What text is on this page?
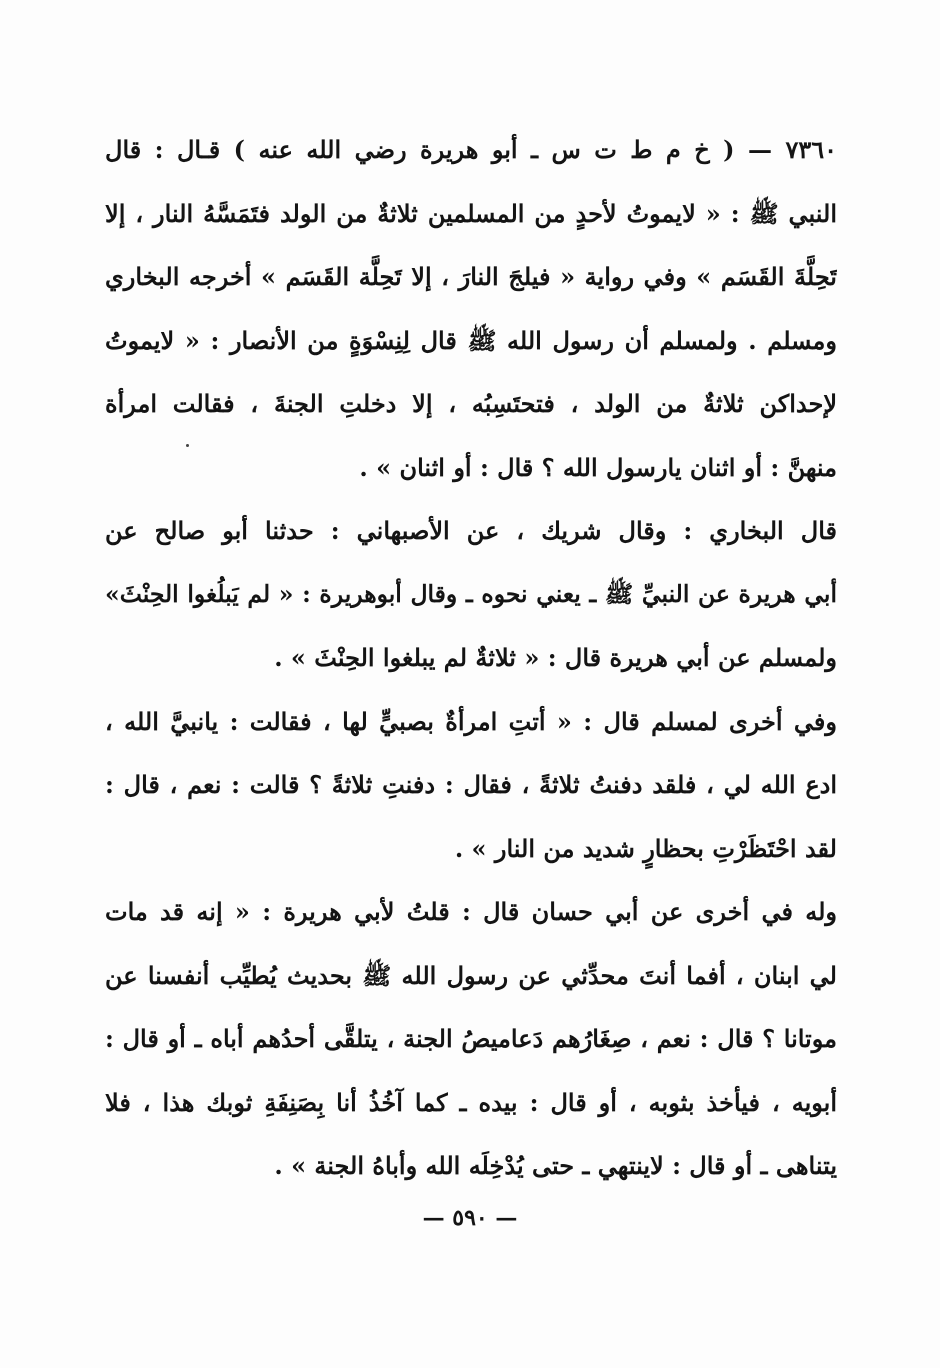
٧٣٦٠ — ( خ م ط ت س ـ أبو هريرة رضي الله عنه ) قـال : قال
النبي ﷺ : « لايموتُ لأحدٍ من المسلمين ثلاثةٌ من الولد فتَمَسَّهُ النار ، إلا
تَحِلَّةَ القَسَم » وفي رواية « فيلجَ النارَ ، إلا تَحِلَّة القَسَم » أخرجه البخاري
ومسلم . ولمسلم أن رسول الله ﷺ قال لِنِسْوَةٍ من الأنصار : « لايموتُ
لإحداكن ثلاثةٌ من الولد ، فتحتَسِبُه ، إلا دخلتِ الجنةَ ، فقالت امرأة
منهنَّ : أو اثنان يارسول الله ؟ قال : أو اثنان » .
قال البخاري : وقال شريك ، عن الأصبهاني : حدثنا أبو صالح عن
أبي هريرة عن النبيِّ ﷺ ـ يعني نحوه ـ وقال أبوهريرة : « لم يَبلُغوا الحِنْثَ»
ولمسلم عن أبي هريرة قال : « ثلاثةٌ لم يبلغوا الحِنْثَ » .
وفي أخرى لمسلم قال : « أتتِ امرأةٌ بصبيٍّ لها ، فقالت : يانبيَّ الله ،
ادع الله لي ، فلقد دفنتُ ثلاثةً ، فقال : دفنتِ ثلاثةً ؟ قالت : نعم ، قال :
لقد احْتَظَرْتِ بحظارٍ شديد من النار » .
وله في أخرى عن أبي حسان قال : قلتُ لأبي هريرة : « إنه قد مات
لي ابنان ، أفما أنتَ محدِّثي عن رسول الله ﷺ بحديث يُطيِّب أنفسنا عن
موتانا ؟ قال : نعم ، صِغَارُهم دَعاميصُ الجنة ، يتلقَّى أحدُهم أباه ـ أو قال :
أبويه ، فيأخذ بثوبه ، أو قال : بيده ـ كما آخُذُ أنا بِصَنِفَةِ ثوبك هذا ، فلا
يتناهى ـ أو قال : لاينتهي ـ حتى يُدْخِلَه الله وأباهُ الجنة » .
— ٥٩٠ —
